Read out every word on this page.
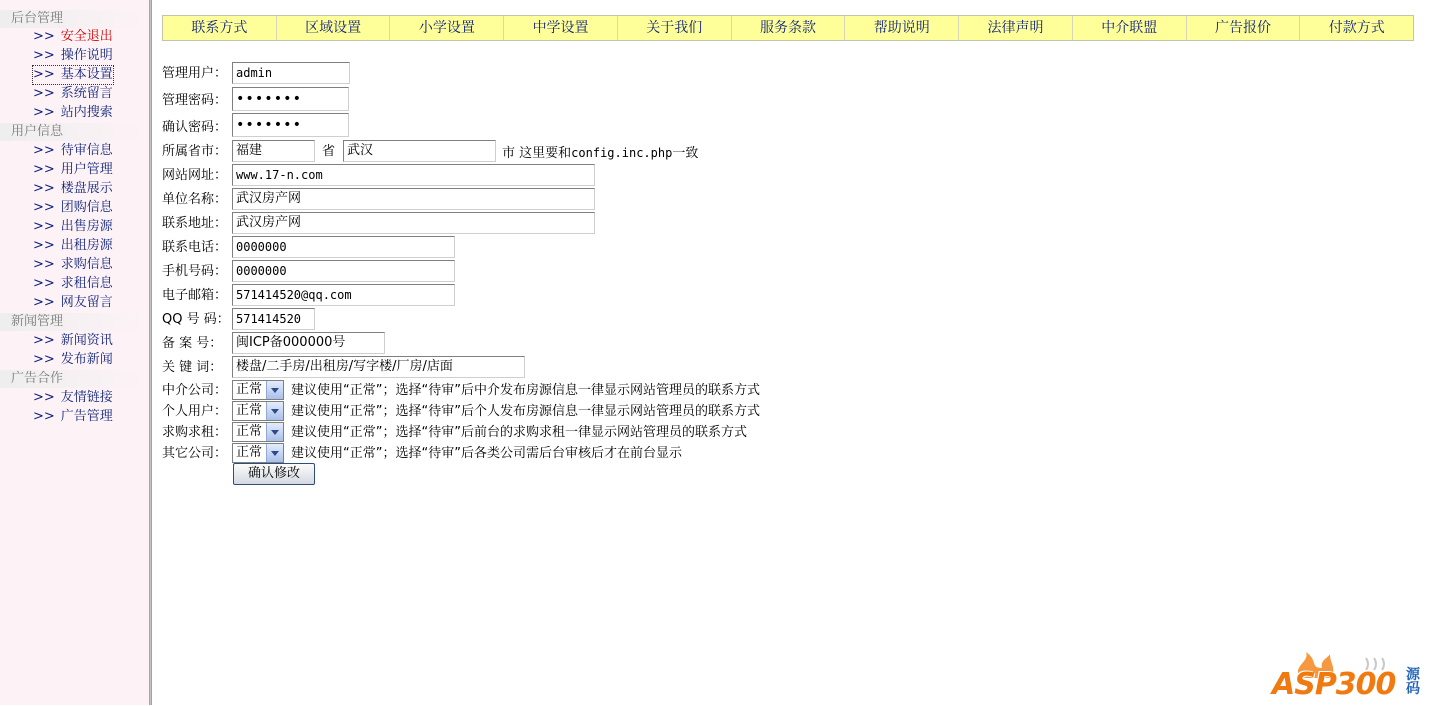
后台管理
>> 安全退出
>> 操作说明
>> 基本设置
>> 系统留言
>> 站内搜索
用户信息
>> 待审信息
>> 用户管理
>> 楼盘展示
>> 团购信息
>> 出售房源
>> 出租房源
>> 求购信息
>> 求租信息
>> 网友留言
新闻管理
>> 新闻资讯
>> 发布新闻
广告合作
>> 友情链接
>> 广告管理
联系方式	区域设置	小学设置	中学设置	关于我们	服务条款	帮助说明	法律声明	中介联盟	广告报价	付款方式
管理用户： admin
管理密码： •••••••
确认密码： •••••••
所属省市： 福建	省 武汉	市 这里要和config.inc.php一致
网站网址： www.17-n.com
单位名称： 武汉房产网
联系地址： 武汉房产网
联系电话： 0000000
手机号码： 0000000
电子邮箱： 571414520@qq.com
QQ 号 码： 571414520
备 案 号：	闽ICP备000000号
关 键 词：	楼盘/二手房/出租房/写字楼/厂房/店面
中介公司： 正常	建议使用“正常”；选择“待审”后中介发布房源信息一律显示网站管理员的联系方式
个人用户： 正常	建议使用“正常”；选择“待审”后个人发布房源信息一律显示网站管理员的联系方式
求购求租： 正常	建议使用“正常”；选择“待审”后前台的求购求租一律显示网站管理员的联系方式
其它公司： 正常	建议使用“正常”；选择“待审”后各类公司需后台审核后才在前台显示
确认修改
ASP300 源码
